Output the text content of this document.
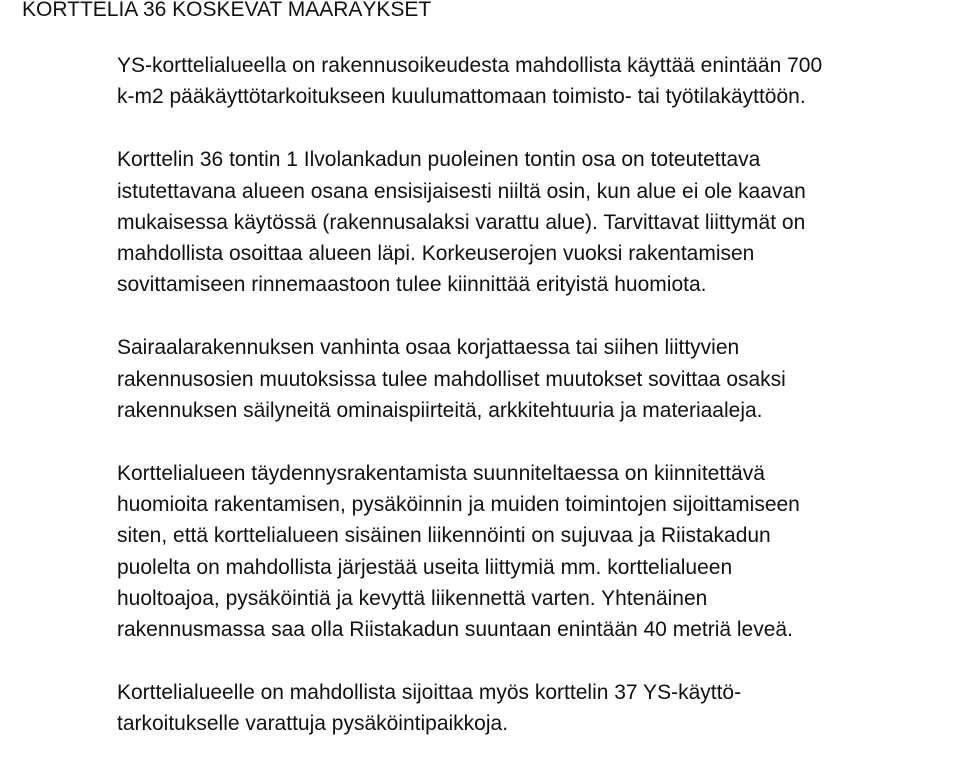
KORTTELIA 36 KOSKEVAT MÄÄRÄYKSET

YS-korttelialueella on rakennusoikeudesta mahdollista käyttää enintään 700
k-m2 pääkäyttötarkoitukseen kuulumattomaan toimisto- tai työtilakäyttöön.

Korttelin 36 tontin 1 Ilvolankadun puoleinen tontin osa on toteutettava
istutettavana alueen osana ensisijaisesti niiltä osin, kun alue ei ole kaavan
mukaisessa käytössä (rakennusalaksi varattu alue). Tarvittavat liittymät on
mahdollista osoittaa alueen läpi. Korkeuserojen vuoksi rakentamisen
sovittamiseen rinnemaastoon tulee kiinnittää erityistä huomiota.

Sairaalarakennuksen vanhinta osaa korjattaessa tai siihen liittyvien
rakennusosien muutoksissa tulee mahdolliset muutokset sovittaa osaksi
rakennuksen säilyneitä ominaispiirteitä, arkkitehtuuria ja materiaaleja.

Korttelialueen täydennysrakentamista suunniteltaessa on kiinnitettävä
huomioita rakentamisen, pysäköinnin ja muiden toimintojen sijoittamiseen
siten, että korttelialueen sisäinen liikennöinti on sujuvaa ja Riistakadun
puolelta on mahdollista järjestää useita liittymiä mm. korttelialueen
huoltoajoa, pysäköintiä ja kevyttä liikennettä varten. Yhtenäinen
rakennusmassa saa olla Riistakadun suuntaan enintään 40 metriä leveä.

Korttelialueelle on mahdollista sijoittaa myös korttelin 37 YS-käyttö-
tarkoitukselle varattuja pysäköintipaikkoja.
